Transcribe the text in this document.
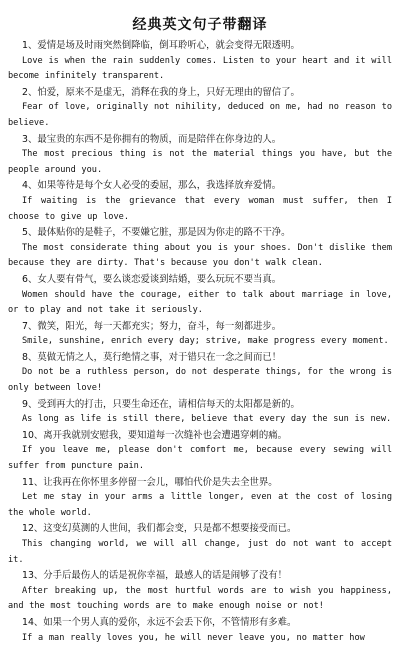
经典英文句子带翻译
1、爱情是场及时雨突然倒降临，倒耳聆听心，就会变得无限透明。
Love is when the rain suddenly comes. Listen to your heart and it will become infinitely transparent.
2、怕爱，原来不是虚无，消释在我的身上，只好无理由的留信了。
Fear of love, originally not nihility, deduced on me, had no reason to believe.
3、最宝贵的东西不是你拥有的物质，而是陪伴在你身边的人。
The most precious thing is not the material things you have, but the people around you.
4、如果等待是每个女人必受的委屈，那么，我选择放弃爱情。
If waiting is the grievance that every woman must suffer, then I choose to give up love.
5、最体贴你的是鞋子，不要嫌它脏，那是因为你走的路不干净。
The most considerate thing about you is your shoes. Don't dislike them because they are dirty. That's because you don't walk clean.
6、女人要有骨气，要么谈恋爱谈到结婚，要么玩玩不要当真。
Women should have the courage, either to talk about marriage in love, or to play and not take it seriously.
7、微笑，阳光，每一天都充实；努力，奋斗，每一刻都进步。
Smile, sunshine, enrich every day; strive, make progress every moment.
8、莫做无情之人，莫行绝情之事，对于错只在一念之间而已！
Do not be a ruthless person, do not desperate things, for the wrong is only between love!
9、受到再大的打击，只要生命还在，请相信每天的太阳都是新的。
As long as life is still there, believe that every day the sun is new.
10、离开我就别安慰我，要知道每一次缝补也会遭遇穿刺的痛。
If you leave me, please don't comfort me, because every sewing will suffer from puncture pain.
11、让我再在你怀里多停留一会儿，哪怕代价是失去全世界。
Let me stay in your arms a little longer, even at the cost of losing the whole world.
12、这变幻莫测的人世间，我们都会变，只是都不想要接受而已。
This changing world, we will all change, just do not want to accept it.
13、分手后最伤人的话是祝你幸福，最感人的话是闹够了没有！
After breaking up, the most hurtful words are to wish you happiness, and the most touching words are to make enough noise or not!
14、如果一个男人真的爱你，永远不会丢下你，不管情形有多难。
If a man really loves you, he will never leave you, no matter how
